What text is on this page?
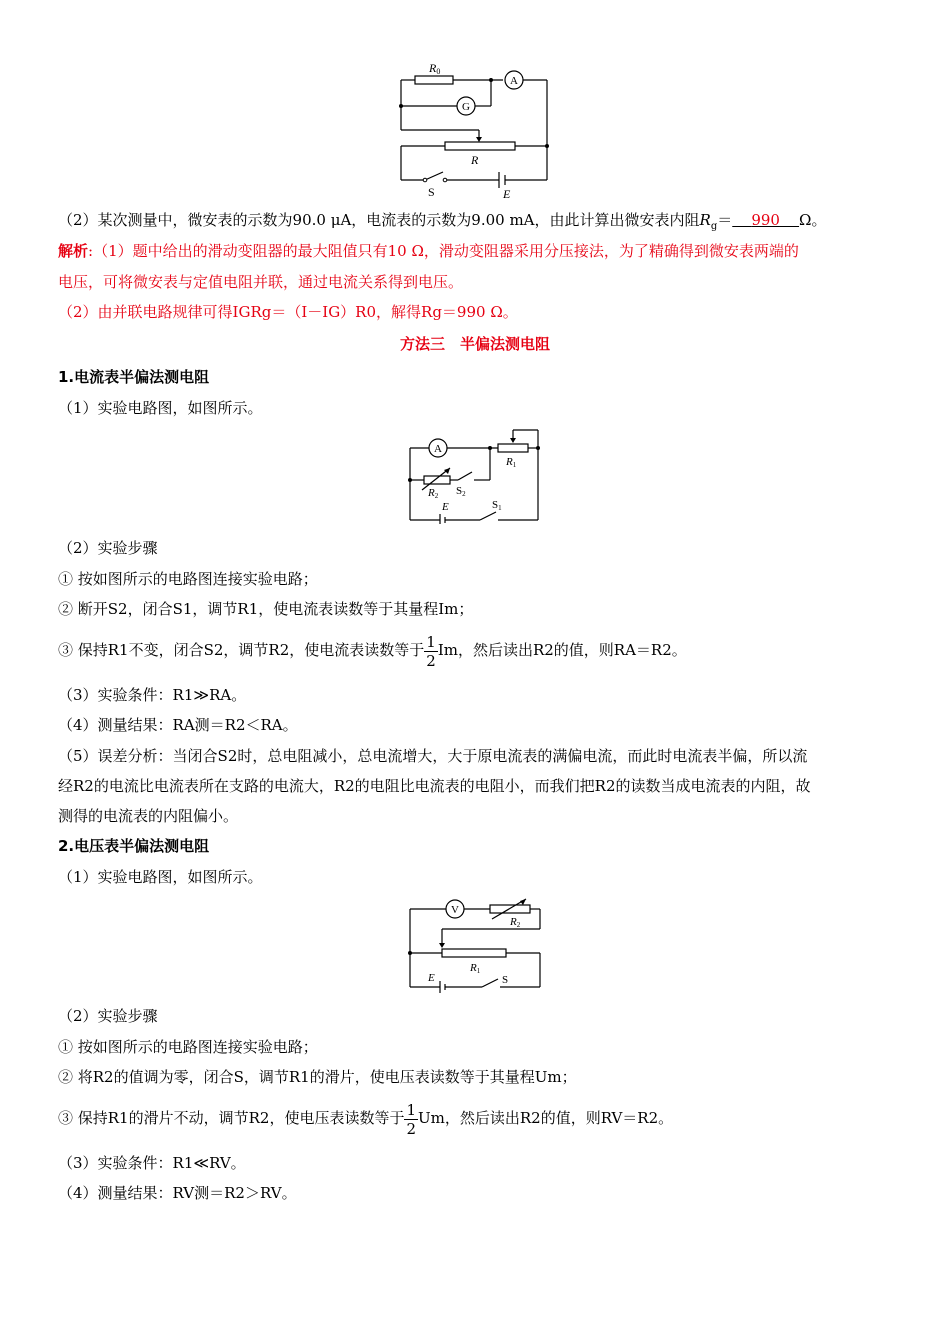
R0
A
G
R
S	E
（2）某次测量中，微安表的示数为90.0 μA，电流表的示数为9.00 mA，由此计算出微安表内阻$R_g= 990$ Ω。
解析:（1）题中给出的滑动变阻器的最大阻值只有10 Ω，滑动变阻器采用分压接法，为了精确得到微安表两端的
电压，可将微安表与定值电阻并联，通过电流关系得到电压。
（2）由并联电路规律可得IGRg＝（I－IG）R0，解得Rg＝990 Ω。
方法三　半偏法测电阻
1.电流表半偏法测电阻
（1）实验电路图，如图所示。
A
R1
R2 S2
E	S1
（2）实验步骤
① 按如图所示的电路图连接实验电路；
② 断开S2，闭合S1，调节R1，使电流表读数等于其量程Im；
③ 保持R1不变，闭合S2，调节R2，使电流表读数等于 $\frac{1}{2}$ Im，然后读出R2的值，则RA＝R2。
（3）实验条件：R1≫RA。
（4）测量结果：RA测＝R2＜RA。
（5）误差分析：当闭合S2时，总电阻减小，总电流增大，大于原电流表的满偏电流，而此时电流表半偏，所以流
经R2的电流比电流表所在支路的电流大，R2的电阻比电流表的电阻小，而我们把R2的读数当成电流表的内阻，故
测得的电流表的内阻偏小。
2.电压表半偏法测电阻
（1）实验电路图，如图所示。
V
R2
R1
E	S
（2）实验步骤
① 按如图所示的电路图连接实验电路；
② 将R2的值调为零，闭合S，调节R1的滑片，使电压表读数等于其量程Um；
③ 保持R1的滑片不动，调节R2，使电压表读数等于 $\frac{1}{2}$ Um，然后读出R2的值，则RV＝R2。
（3）实验条件：R1≪RV。
（4）测量结果：RV测＝R2＞RV。
